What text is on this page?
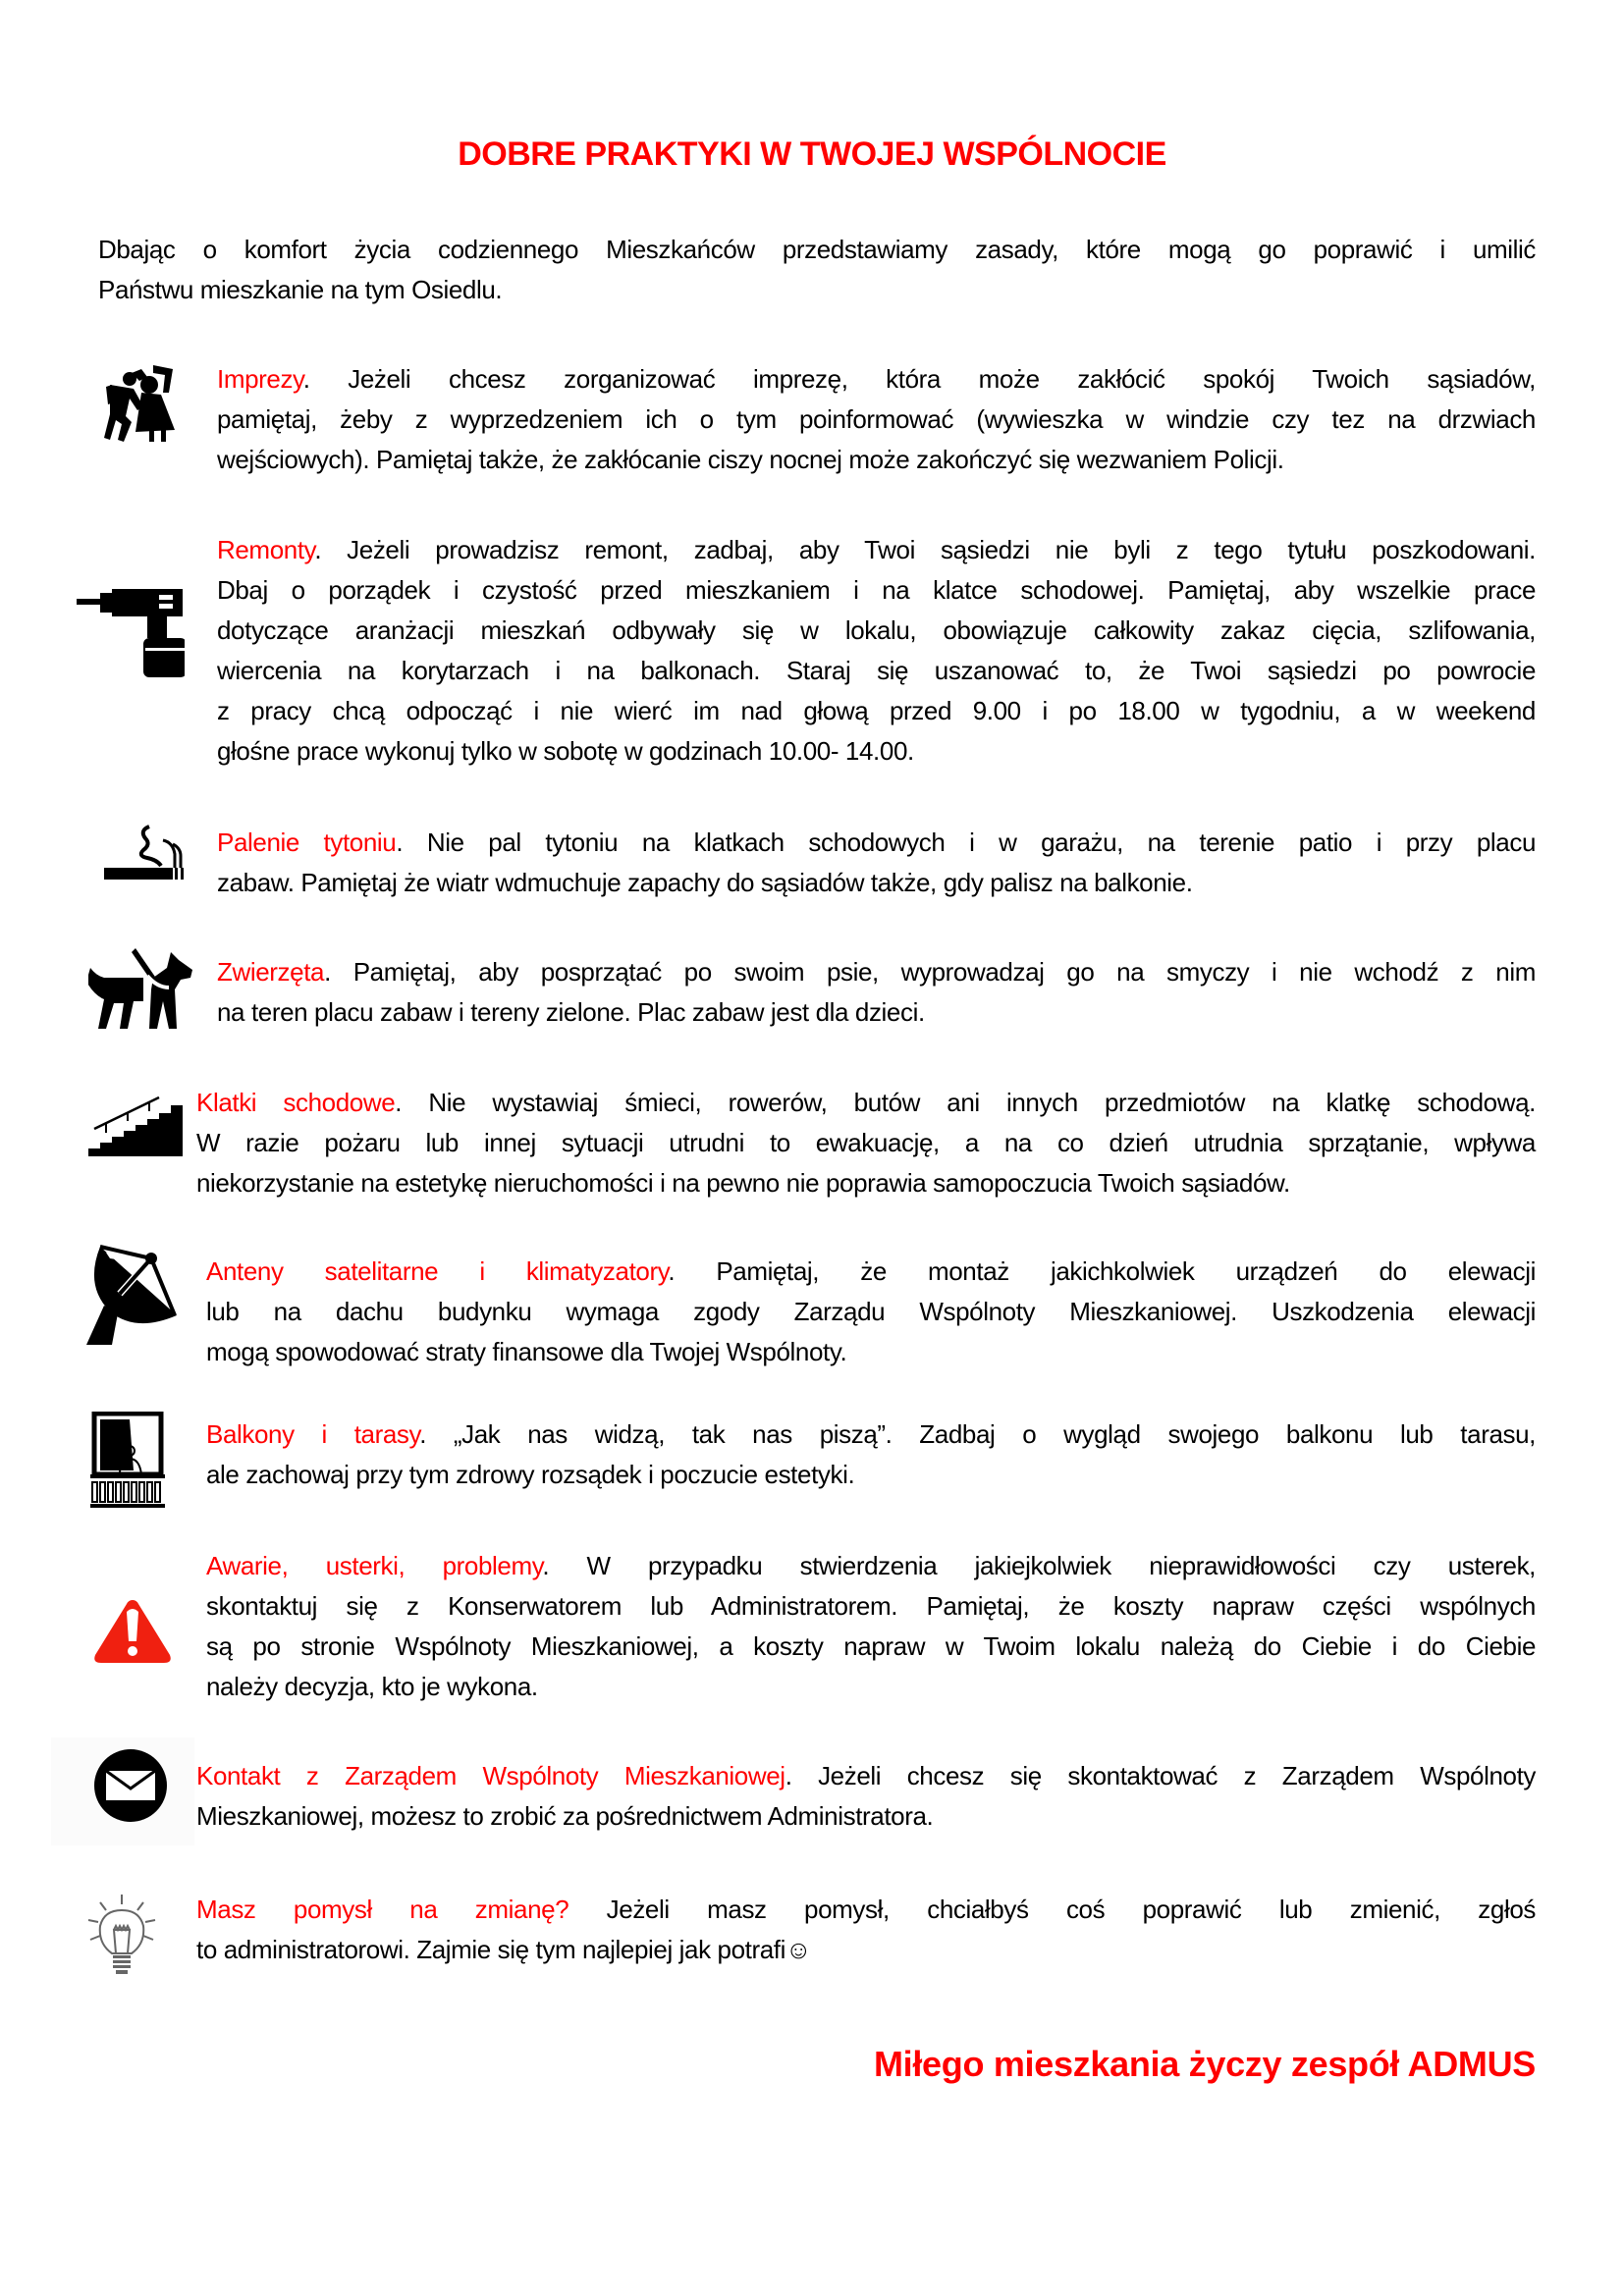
DOBRE PRAKTYKI W TWOJEJ WSPÓLNOCIE
Dbając o komfort życia codziennego Mieszkańców przedstawiamy zasady, które mogą go poprawić i umilić
Państwu mieszkanie na tym Osiedlu.
Imprezy. Jeżeli chcesz zorganizować imprezę, która może zakłócić spokój Twoich sąsiadów,
pamiętaj, żeby z wyprzedzeniem ich o tym poinformować (wywieszka w windzie czy tez na drzwiach
wejściowych). Pamiętaj także, że zakłócanie ciszy nocnej może zakończyć się wezwaniem Policji.
Remonty. Jeżeli prowadzisz remont, zadbaj, aby Twoi sąsiedzi nie byli z tego tytułu poszkodowani.
Dbaj o porządek i czystość przed mieszkaniem i na klatce schodowej. Pamiętaj, aby wszelkie prace
dotyczące aranżacji mieszkań odbywały się w lokalu, obowiązuje całkowity zakaz cięcia, szlifowania,
wiercenia na korytarzach i na balkonach. Staraj się uszanować to, że Twoi sąsiedzi po powrocie
z pracy chcą odpocząć i nie wierć im nad głową przed 9.00 i po 18.00 w tygodniu, a w weekend
głośne prace wykonuj tylko w sobotę w godzinach 10.00- 14.00.
Palenie tytoniu. Nie pal tytoniu na klatkach schodowych i w garażu, na terenie patio i przy placu
zabaw. Pamiętaj że wiatr wdmuchuje zapachy do sąsiadów także, gdy palisz na balkonie.
Zwierzęta. Pamiętaj, aby posprzątać po swoim psie, wyprowadzaj go na smyczy i nie wchodź z nim
na teren placu zabaw i tereny zielone. Plac zabaw jest dla dzieci.
Klatki schodowe. Nie wystawiaj śmieci, rowerów, butów ani innych przedmiotów na klatkę schodową.
W razie pożaru lub innej sytuacji utrudni to ewakuację, a na co dzień utrudnia sprzątanie, wpływa
niekorzystanie na estetykę nieruchomości i na pewno nie poprawia samopoczucia Twoich sąsiadów.
Anteny satelitarne i klimatyzatory. Pamiętaj, że montaż jakichkolwiek urządzeń do elewacji
lub na dachu budynku wymaga zgody Zarządu Wspólnoty Mieszkaniowej. Uszkodzenia elewacji
mogą spowodować straty finansowe dla Twojej Wspólnoty.
Balkony i tarasy. „Jak nas widzą, tak nas piszą”. Zadbaj o wygląd swojego balkonu lub tarasu,
ale zachowaj przy tym zdrowy rozsądek i poczucie estetyki.
Awarie, usterki, problemy. W przypadku stwierdzenia jakiejkolwiek nieprawidłowości czy usterek,
skontaktuj się z Konserwatorem lub Administratorem. Pamiętaj, że koszty napraw części wspólnych
są po stronie Wspólnoty Mieszkaniowej, a koszty napraw w Twoim lokalu należą do Ciebie i do Ciebie
należy decyzja, kto je wykona.
Kontakt z Zarządem Wspólnoty Mieszkaniowej. Jeżeli chcesz się skontaktować z Zarządem Wspólnoty
Mieszkaniowej, możesz to zrobić za pośrednictwem Administratora.
Masz pomysł na zmianę? Jeżeli masz pomysł, chciałbyś coś poprawić lub zmienić, zgłoś
to administratorowi. Zajmie się tym najlepiej jak potrafi☺
Miłego mieszkania życzy zespół ADMUS
